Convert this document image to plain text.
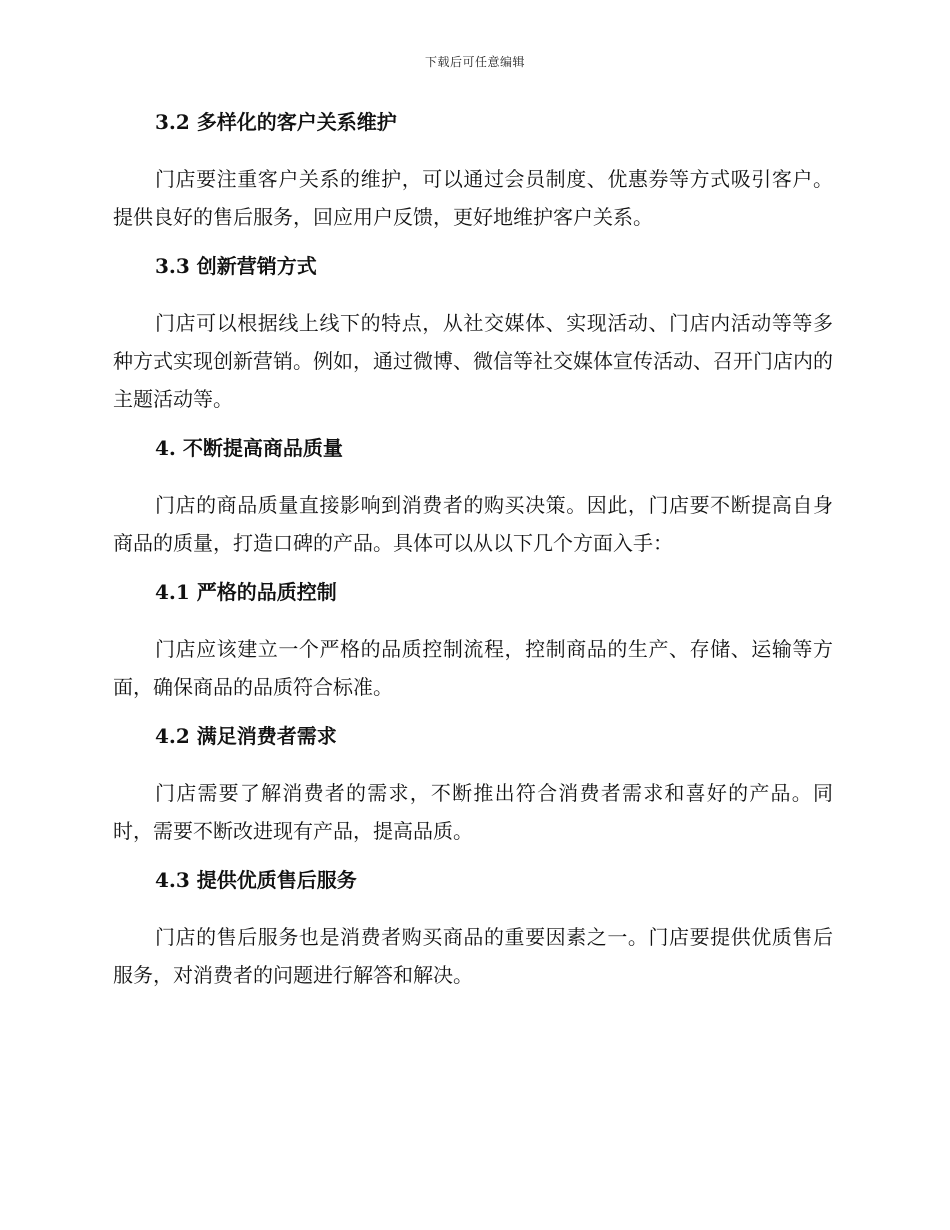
下载后可任意编辑
3.2 多样化的客户关系维护

门店要注重客户关系的维护，可以通过会员制度、优惠券等方式吸引客户。提供良好的售后服务，回应用户反馈，更好地维护客户关系。

3.3 创新营销方式

门店可以根据线上线下的特点，从社交媒体、实现活动、门店内活动等等多种方式实现创新营销。例如，通过微博、微信等社交媒体宣传活动、召开门店内的主题活动等。

4. 不断提高商品质量

门店的商品质量直接影响到消费者的购买决策。因此，门店要不断提高自身商品的质量，打造口碑的产品。具体可以从以下几个方面入手：

4.1 严格的品质控制

门店应该建立一个严格的品质控制流程，控制商品的生产、存储、运输等方面，确保商品的品质符合标准。

4.2 满足消费者需求

门店需要了解消费者的需求，不断推出符合消费者需求和喜好的产品。同时，需要不断改进现有产品，提高品质。

4.3 提供优质售后服务

门店的售后服务也是消费者购买商品的重要因素之一。门店要提供优质售后服务，对消费者的问题进行解答和解决。
